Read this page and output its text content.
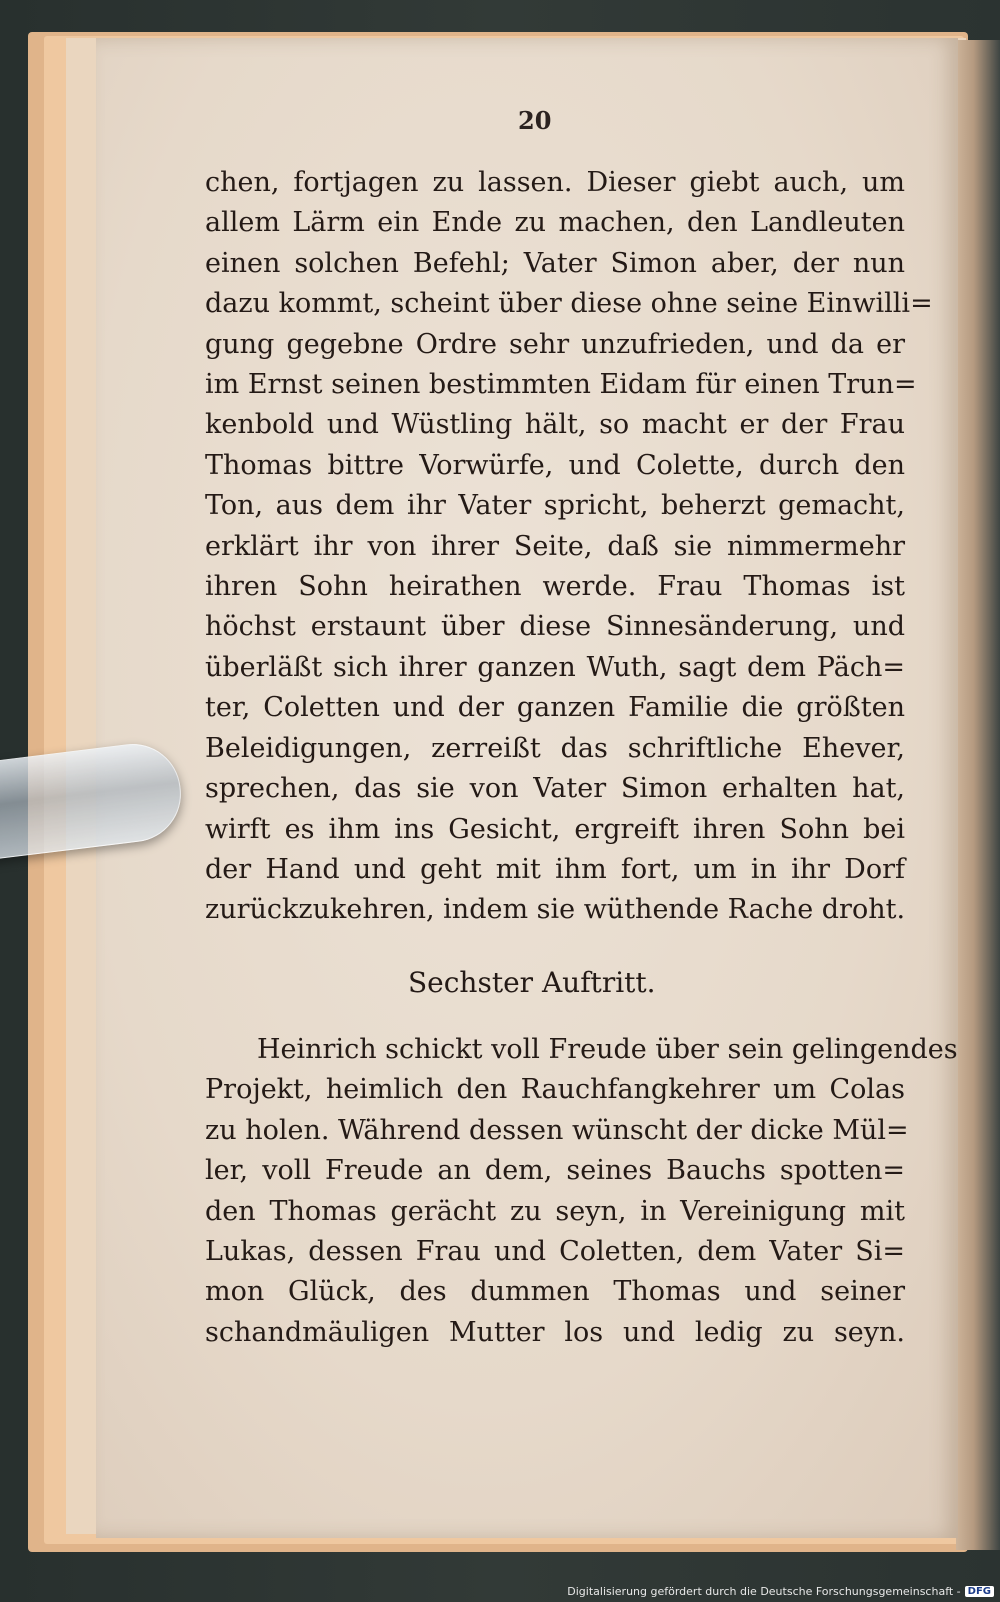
20
chen, fortjagen zu lassen. Dieser giebt auch, um
allem Lärm ein Ende zu machen, den Landleuten
einen solchen Befehl; Vater Simon aber, der nun
dazu kommt, scheint über diese ohne seine Einwilli=
gung gegebne Ordre sehr unzufrieden, und da er
im Ernst seinen bestimmten Eidam für einen Trun=
kenbold und Wüstling hält, so macht er der Frau
Thomas bittre Vorwürfe, und Colette, durch den
Ton, aus dem ihr Vater spricht, beherzt gemacht,
erklärt ihr von ihrer Seite, daß sie nimmermehr
ihren Sohn heirathen werde. Frau Thomas ist
höchst erstaunt über diese Sinnesänderung, und
überläßt sich ihrer ganzen Wuth, sagt dem Päch=
ter, Coletten und der ganzen Familie die größten
Beleidigungen, zerreißt das schriftliche Ehever,
sprechen, das sie von Vater Simon erhalten hat,
wirft es ihm ins Gesicht, ergreift ihren Sohn bei
der Hand und geht mit ihm fort, um in ihr Dorf
zurückzukehren, indem sie wüthende Rache droht.
Sechster Auftritt.
Heinrich schickt voll Freude über sein gelingendes
Projekt, heimlich den Rauchfangkehrer um Colas
zu holen. Während dessen wünscht der dicke Mül=
ler, voll Freude an dem, seines Bauchs spotten=
den Thomas gerächt zu seyn, in Vereinigung mit
Lukas, dessen Frau und Coletten, dem Vater Si=
mon Glück, des dummen Thomas und seiner
schandmäuligen Mutter los und ledig zu seyn.
Digitalisierung gefördert durch die Deutsche Forschungsgemeinschaft - DFG
